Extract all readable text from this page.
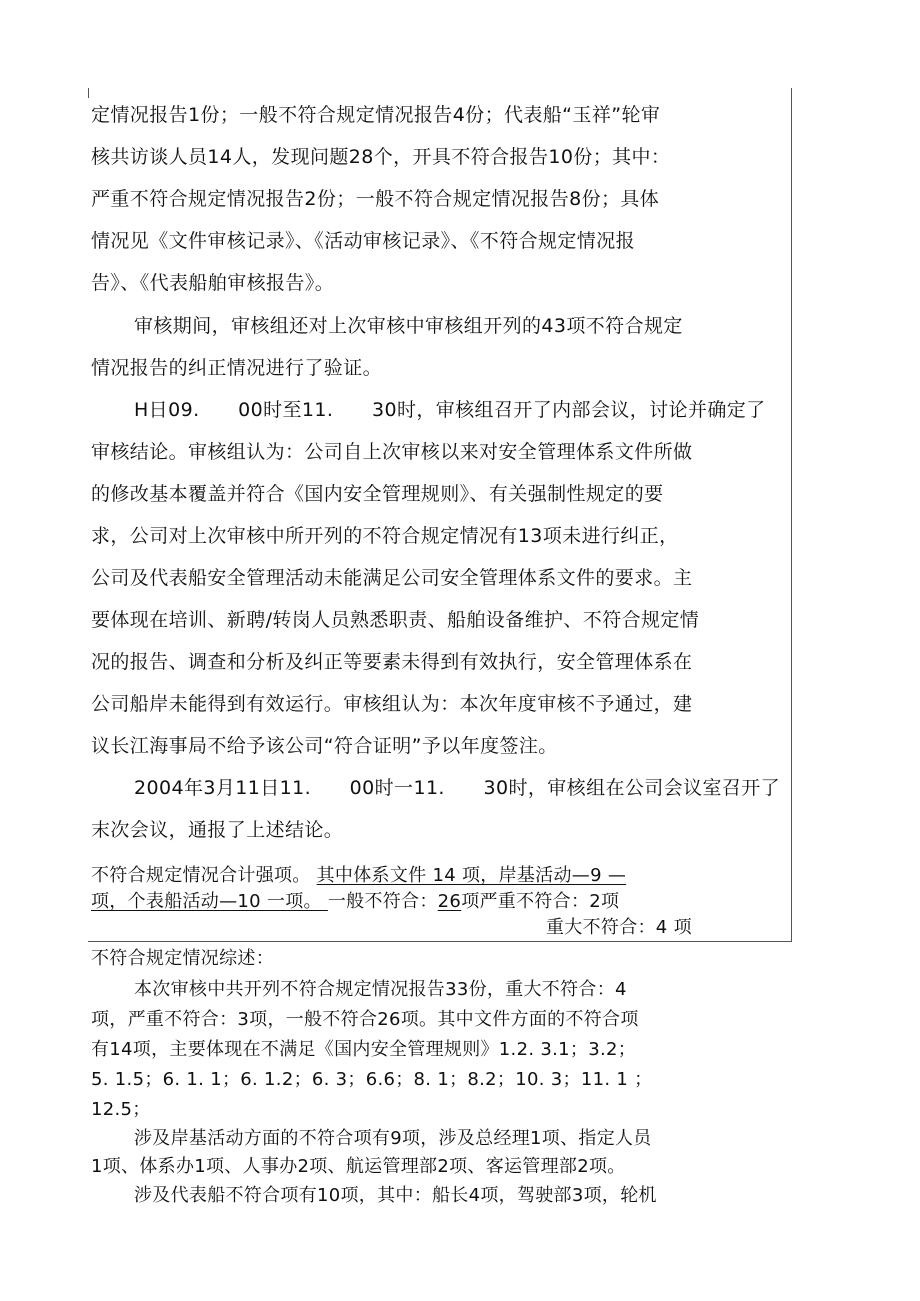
定情况报告1份；一般不符合规定情况报告4份；代表船“玉祥”轮审
核共访谈人员14人，发现问题28个，开具不符合报告10份；其中：
严重不符合规定情况报告2份；一般不符合规定情况报告8份；具体
情况见《文件审核记录》、《活动审核记录》、《不符合规定情况报
告》、《代表船舶审核报告》。
审核期间，审核组还对上次审核中审核组开列的43项不符合规定
情况报告的纠正情况进行了验证。
H日09.      00时至11.      30时，审核组召开了内部会议，讨论并确定了
审核结论。审核组认为：公司自上次审核以来对安全管理体系文件所做
的修改基本覆盖并符合《国内安全管理规则》、有关强制性规定的要
求，公司对上次审核中所开列的不符合规定情况有13项未进行纠正，
公司及代表船安全管理活动未能满足公司安全管理体系文件的要求。主
要体现在培训、新聘/转岗人员熟悉职责、船舶设备维护、不符合规定情
况的报告、调查和分析及纠正等要素未得到有效执行，安全管理体系在
公司船岸未能得到有效运行。审核组认为：本次年度审核不予通过，建
议长江海事局不给予该公司“符合证明”予以年度签注。
2004年3月11日11.      00时一11.      30时，审核组在公司会议室召开了
末次会议，通报了上述结论。
不符合规定情况合计强项。 其中体系文件 14 项，岸基活动—9 —
项，个表船活动—10 一项。 一般不符合：26项严重不符合：2项
重大不符合：4 项
不符合规定情况综述：
本次审核中共开列不符合规定情况报告33份，重大不符合：4
项，严重不符合：3项，一般不符合26项。其中文件方面的不符合项
有14项，主要体现在不满足《国内安全管理规则》1.2. 3.1；3.2；
5. 1.5；6. 1. 1；6. 1.2；6. 3；6.6；8. 1；8.2；10. 3；11. 1 ；
12.5；
涉及岸基活动方面的不符合项有9项，涉及总经理1项、指定人员
1项、体系办1项、人事办2项、航运管理部2项、客运管理部2项。
涉及代表船不符合项有10项，其中：船长4项，驾驶部3项，轮机
